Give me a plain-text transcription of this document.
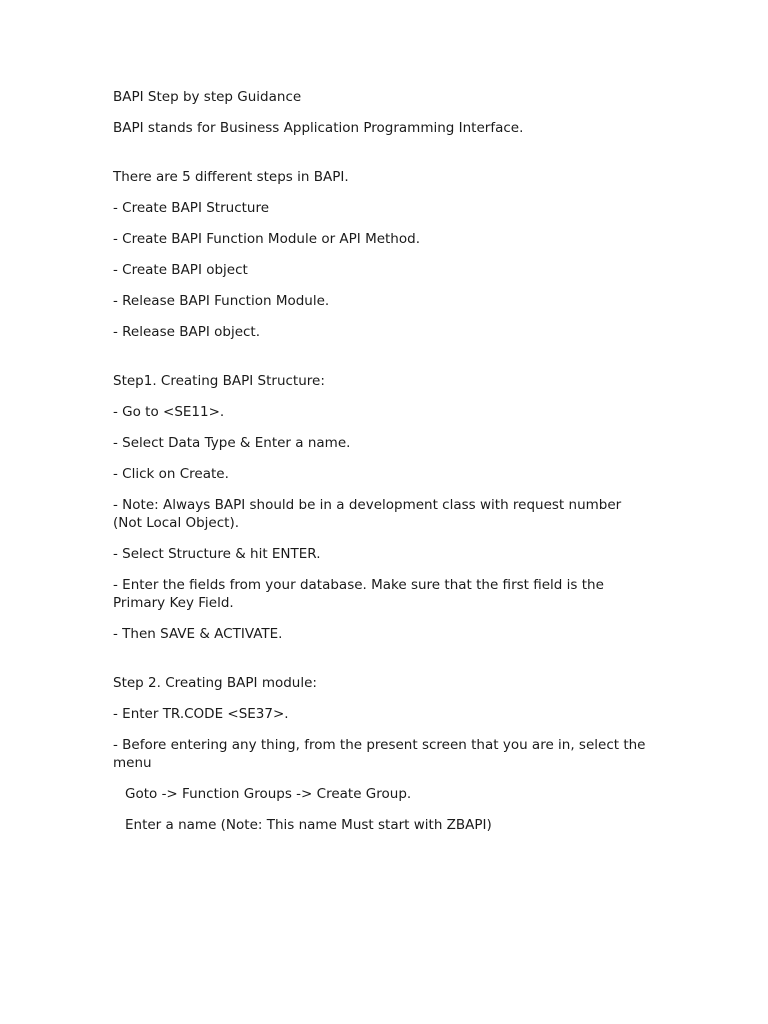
BAPI Step by step Guidance
BAPI stands for Business Application Programming Interface.
There are 5 different steps in BAPI.
- Create BAPI Structure
- Create BAPI Function Module or API Method.
- Create BAPI object
- Release BAPI Function Module.
- Release BAPI object.
Step1. Creating BAPI Structure:
- Go to <SE11>.
- Select Data Type & Enter a name.
- Click on Create.
- Note: Always BAPI should be in a development class with request number (Not Local Object).
- Select Structure & hit ENTER.
- Enter the fields from your database. Make sure that the first field is the Primary Key Field.
- Then SAVE & ACTIVATE.
Step 2. Creating BAPI module:
- Enter TR.CODE <SE37>.
- Before entering any thing, from the present screen that you are in, select the menu
Goto -> Function Groups -> Create Group.
Enter a name (Note: This name Must start with ZBAPI)
